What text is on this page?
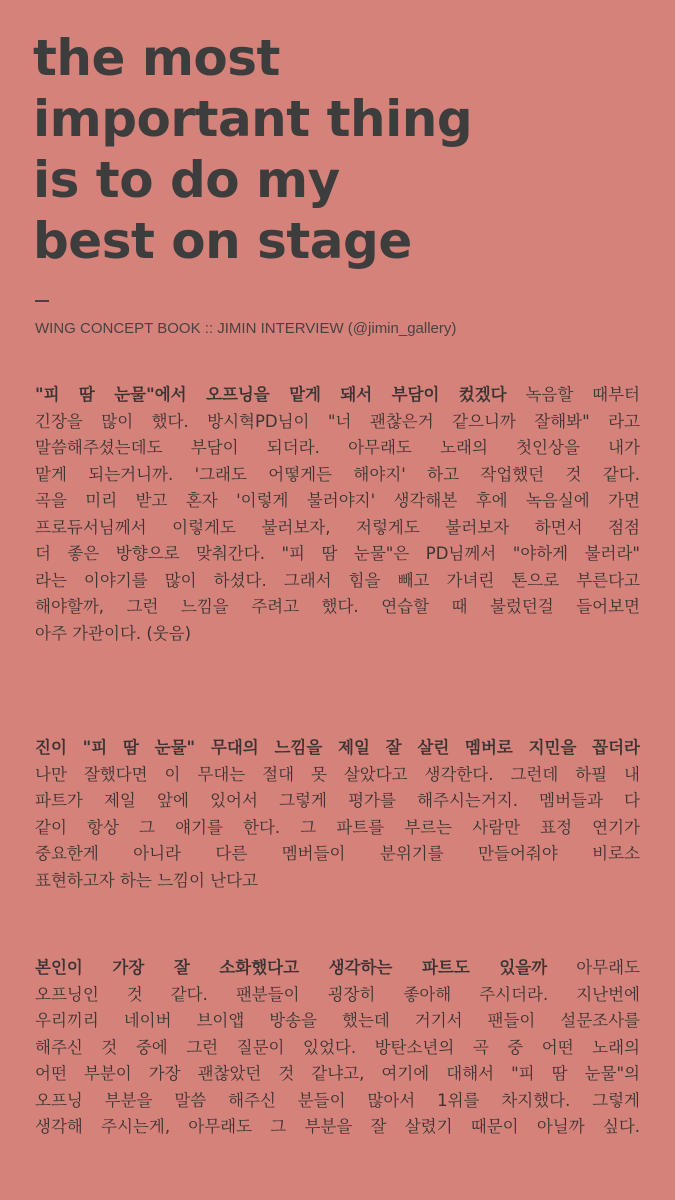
the most
important thing
is to do my
best on stage
WING CONCEPT BOOK :: JIMIN INTERVIEW (@jimin_gallery)
"피 땀 눈물"에서 오프닝을 맡게 돼서 부담이 컸겠다 녹음할 때부터
긴장을 많이 했다. 방시혁PD님이 "너 괜찮은거 같으니까 잘해봐" 라고
말씀해주셨는데도 부담이 되더라. 아무래도 노래의 첫인상을 내가
맡게 되는거니까. '그래도 어떻게든 해야지' 하고 작업했던 것 같다.
곡을 미리 받고 혼자 '이렇게 불러야지' 생각해본 후에 녹음실에 가면
프로듀서님께서 이렇게도 불러보자, 저렇게도 불러보자 하면서 점점
더 좋은 방향으로 맞춰간다. "피 땀 눈물"은 PD님께서 "야하게 불러라"
라는 이야기를 많이 하셨다. 그래서 힘을 빼고 가녀린 톤으로 부른다고
해야할까, 그런 느낌을 주려고 했다. 연습할 때 불렀던걸 들어보면
아주 가관이다. (웃음)
진이 "피 땀 눈물" 무대의 느낌을 제일 잘 살린 멤버로 지민을 꼽더라
나만 잘했다면 이 무대는 절대 못 살았다고 생각한다. 그런데 하필 내
파트가 제일 앞에 있어서 그렇게 평가를 해주시는거지. 멤버들과 다
같이 항상 그 얘기를 한다. 그 파트를 부르는 사람만 표정 연기가
중요한게 아니라 다른 멤버들이 분위기를 만들어줘야 비로소
표현하고자 하는 느낌이 난다고
본인이 가장 잘 소화했다고 생각하는 파트도 있을까 아무래도
오프닝인 것 같다. 팬분들이 굉장히 좋아해 주시더라. 지난번에
우리끼리 네이버 브이앱 방송을 했는데 거기서 팬들이 설문조사를
해주신 것 중에 그런 질문이 있었다. 방탄소년의 곡 중 어떤 노래의
어떤 부분이 가장 괜찮았던 것 같냐고, 여기에 대해서 "피 땀 눈물"의
오프닝 부분을 말씀 해주신 분들이 많아서 1위를 차지했다. 그렇게
생각해 주시는게, 아무래도 그 부분을 잘 살렸기 때문이 아닐까 싶다.
